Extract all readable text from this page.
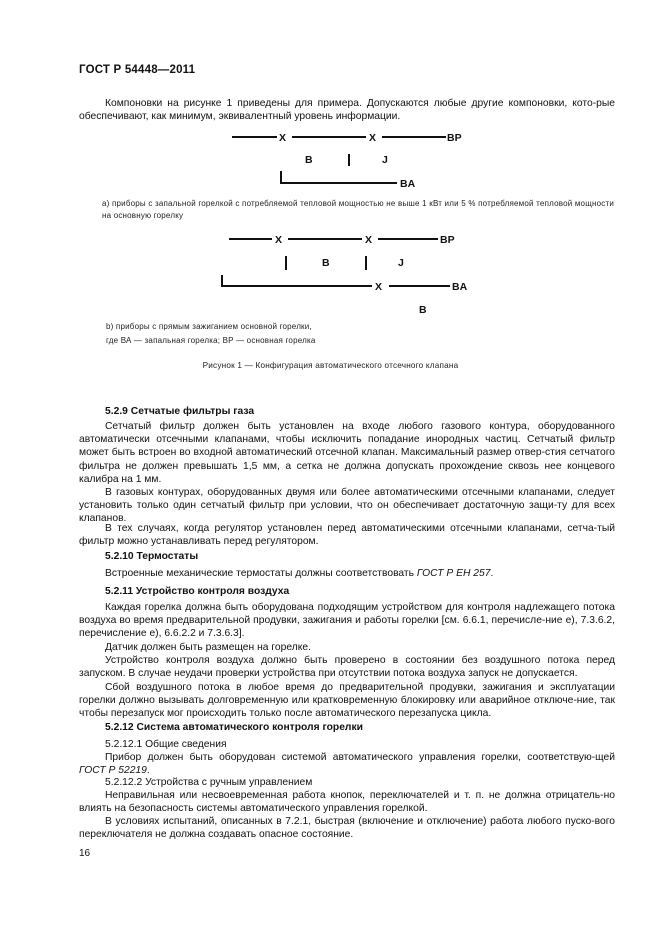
ГОСТ Р 54448—2011
Компоновки на рисунке 1 приведены для примера. Допускаются любые другие компоновки, кото-рые обеспечивают, как минимум, эквивалентный уровень информации.
X	X	BP
B	J
BA
X	X	BP
B	J
X	BA
B
a) приборы с запальной горелкой с потребляемой тепловой мощностью не выше 1 кВт или 5 % потребляемой тепловой мощности на основную горелку
b) приборы с прямым зажиганием основной горелки,
где ВА — запальная горелка; ВР — основная горелка
Рисунок 1 — Конфигурация автоматического отсечного клапана
5.2.9 Сетчатые фильтры газа
Сетчатый фильтр должен быть установлен на входе любого газового контура, оборудованного автоматически отсечными клапанами, чтобы исключить попадание инородных частиц. Сетчатый фильтр может быть встроен во входной автоматический отсечной клапан. Максимальный размер отвер-стия сетчатого фильтра не должен превышать 1,5 мм, а сетка не должна допускать прохождение сквозь нее концевого калибра на 1 мм.
В газовых контурах, оборудованных двумя или более автоматическими отсечными клапанами, следует установить только один сетчатый фильтр при условии, что он обеспечивает достаточную защи-ту для всех клапанов.
В тех случаях, когда регулятор установлен перед автоматическими отсечными клапанами, сетча-тый фильтр можно устанавливать перед регулятором.
5.2.10 Термостаты
Встроенные механические термостаты должны соответствовать ГОСТ Р ЕН 257.
5.2.11 Устройство контроля воздуха
Каждая горелка должна быть оборудована подходящим устройством для контроля надлежащего потока воздуха во время предварительной продувки, зажигания и работы горелки [см. 6.6.1, перечисле-ние е), 7.3.6.2, перечисление е), 6.6.2.2 и 7.3.6.3].
Датчик должен быть размещен на горелке.
Устройство контроля воздуха должно быть проверено в состоянии без воздушного потока перед запуском. В случае неудачи проверки устройства при отсутствии потока воздуха запуск не допускается.
Сбой воздушного потока в любое время до предварительной продувки, зажигания и эксплуатации горелки должно вызывать долговременную или кратковременную блокировку или аварийное отключе-ние, так чтобы перезапуск мог происходить только после автоматического перезапуска цикла.
5.2.12 Система автоматического контроля горелки
5.2.12.1 Общие сведения
Прибор должен быть оборудован системой автоматического управления горелки, соответствую-щей ГОСТ Р 52219.
5.2.12.2 Устройства с ручным управлением
Неправильная или несвоевременная работа кнопок, переключателей и т. п. не должна отрицатель-но влиять на безопасность системы автоматического управления горелкой.
В условиях испытаний, описанных в 7.2.1, быстрая (включение и отключение) работа любого пуско-вого переключателя не должна создавать опасное состояние.
16
